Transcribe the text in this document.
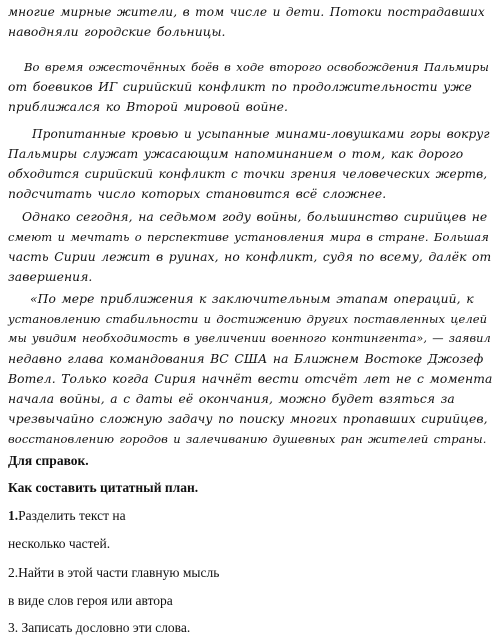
многие мирные жители, в том числе и дети. Потоки пострадавших
наводняли городские больницы.
Во время ожесточённых боёв в ходе второго освобождения Пальмиры
от боевиков ИГ сирийский конфликт по продолжительности уже
приближался ко Второй мировой войне.
Пропитанные кровью и усыпанные минами-ловушками горы вокруг
Пальмиры служат ужасающим напоминанием о том, как дорого
обходится сирийский конфликт с точки зрения человеческих жертв,
подсчитать число которых становится всё сложнее.
Однако сегодня, на седьмом году войны, большинство сирийцев не
смеют и мечтать о перспективе установления мира в стране. Большая
часть Сирии лежит в руинах, но конфликт, судя по всему, далёк от
завершения.
«По мере приближения к заключительным этапам операций, к
установлению стабильности и достижению других поставленных целей
мы увидим необходимость в увеличении военного контингента», — заявил
недавно глава командования ВС США на Ближнем Востоке Джозеф
Вотел. Только когда Сирия начнёт вести отсчёт лет не с момента
начала войны, а с даты её окончания, можно будет взяться за
чрезвычайно сложную задачу по поиску многих пропавших сирийцев,
восстановлению городов и залечиванию душевных ран жителей страны.
Для справок.
Как составить цитатный план.
1.Разделить текст на
несколько частей.
2.Найти в этой части главную мысль
в виде слов героя или автора
3. Записать дословно эти слова.
